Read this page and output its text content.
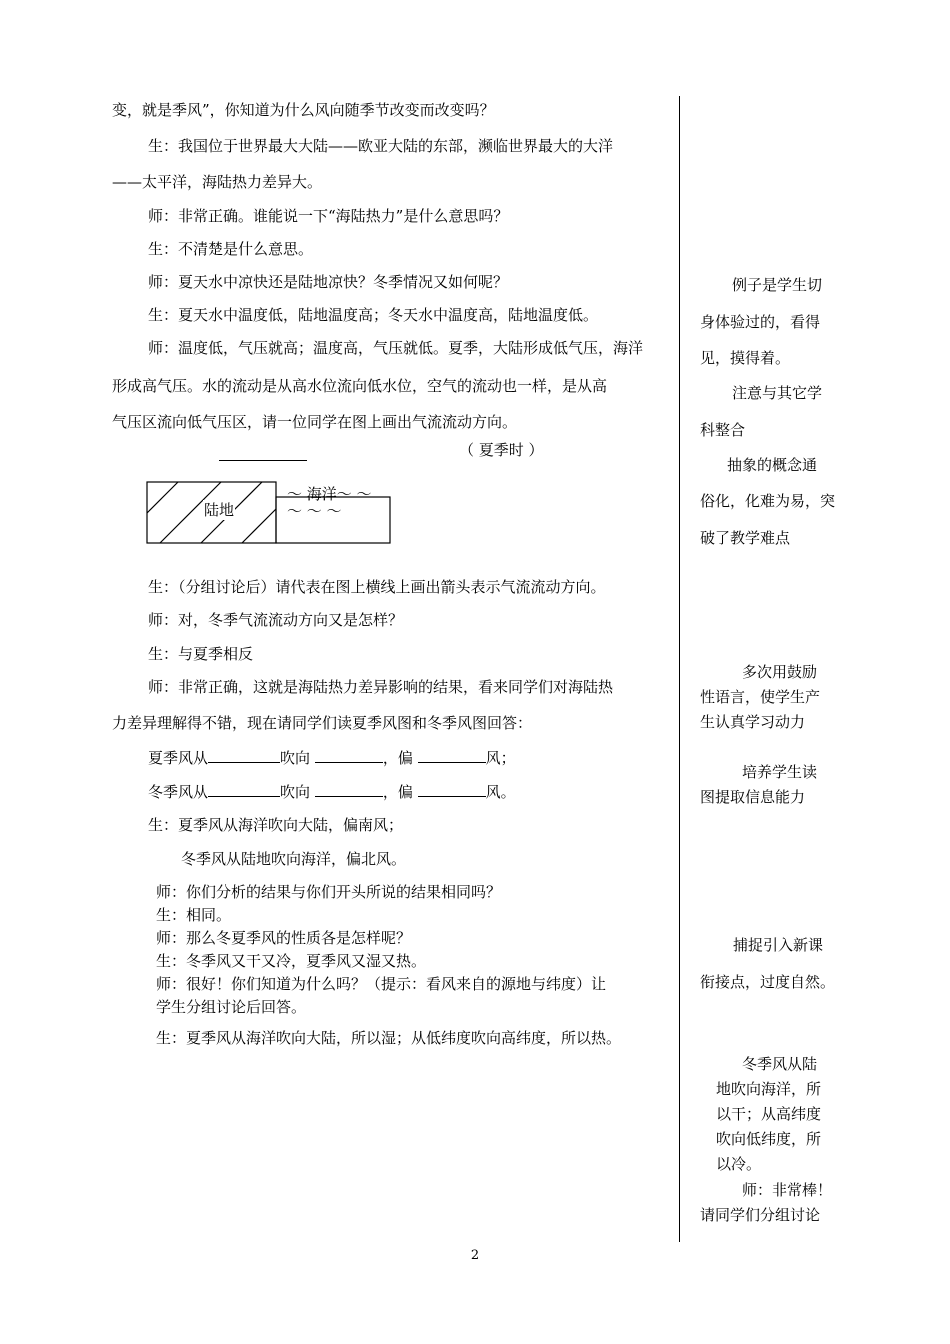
变，就是季风”，你知道为什么风向随季节改变而改变吗？
生：我国位于世界最大大陆——欧亚大陆的东部，濒临世界最大的大洋
——太平洋，海陆热力差异大。
师：非常正确。谁能说一下“海陆热力”是什么意思吗？
生：不清楚是什么意思。
师：夏天水中凉快还是陆地凉快？冬季情况又如何呢？
生：夏天水中温度低，陆地温度高；冬天水中温度高，陆地温度低。
师：温度低，气压就高；温度高，气压就低。夏季，大陆形成低气压，海洋
形成高气压。水的流动是从高水位流向低水位，空气的流动也一样，是从高
气压区流向低气压区，请一位同学在图上画出气流流动方向。
（ 夏季时 ）
陆地
～ 海洋～ ～
～ ～ ～
生：（分组讨论后）请代表在图上横线上画出箭头表示气流流动方向。
师：对，冬季气流流动方向又是怎样？
生：与夏季相反
师：非常正确，这就是海陆热力差异影响的结果，看来同学们对海陆热
力差异理解得不错，现在请同学们读夏季风图和冬季风图回答：
夏季风从	吹向	，偏	风；
冬季风从	吹向	，偏	风。
生：夏季风从海洋吹向大陆，偏南风；
冬季风从陆地吹向海洋，偏北风。
师：你们分析的结果与你们开头所说的结果相同吗？
生：相同。
师：那么冬夏季风的性质各是怎样呢？
生：冬季风又干又冷，夏季风又湿又热。
师：很好！你们知道为什么吗？（提示：看风来自的源地与纬度）让
学生分组讨论后回答。
生：夏季风从海洋吹向大陆，所以湿；从低纬度吹向高纬度，所以热。
例子是学生切
身体验过的，看得
见，摸得着。
注意与其它学
科整合
抽象的概念通
俗化，化难为易，突
破了教学难点
多次用鼓励
性语言，使学生产
生认真学习动力
培养学生读
图提取信息能力
捕捉引入新课
衔接点，过度自然。
冬季风从陆
地吹向海洋，所
以干；从高纬度
吹向低纬度，所
以冷。
师：非常棒！
请同学们分组讨论
2
